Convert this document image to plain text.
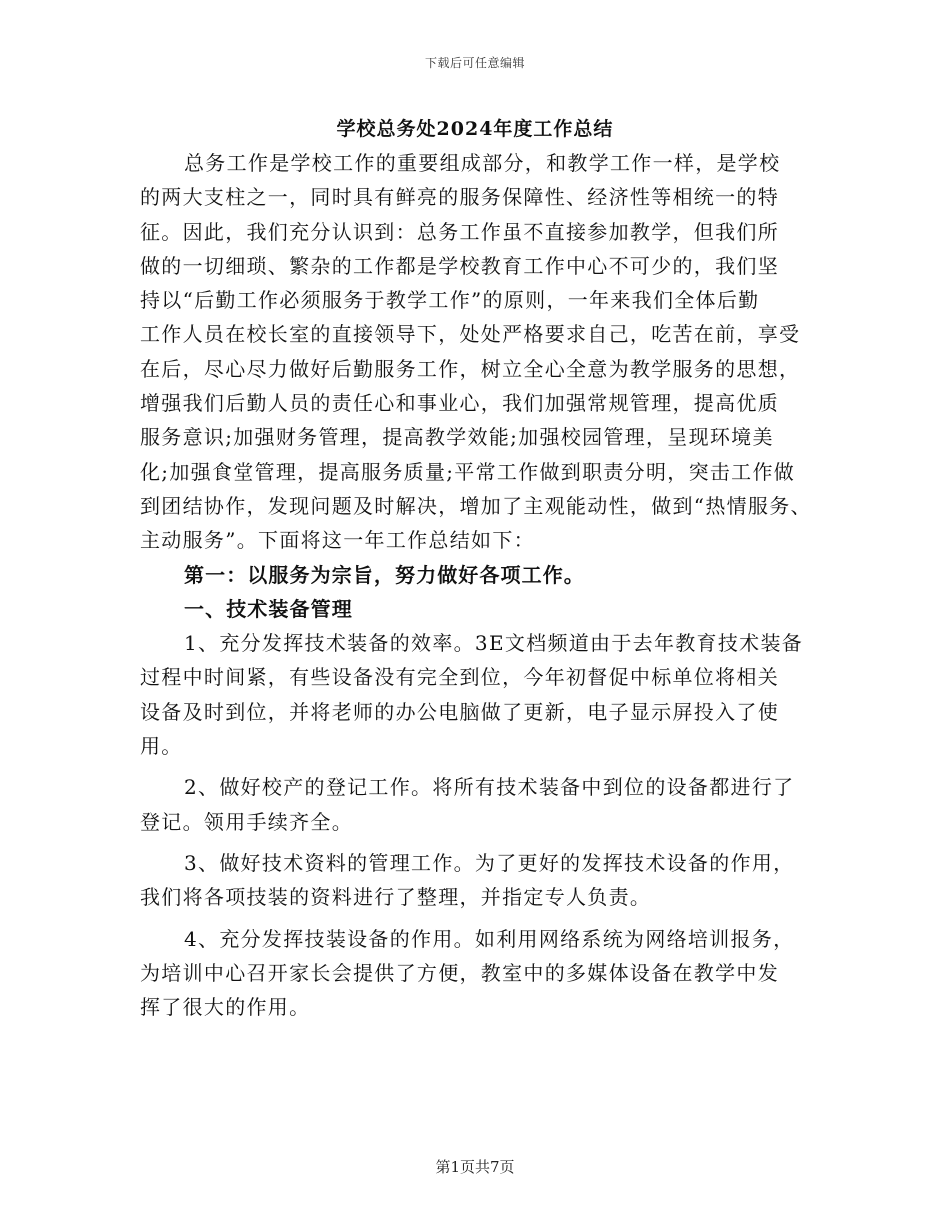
下载后可任意编辑
学校总务处2024年度工作总结
总务工作是学校工作的重要组成部分，和教学工作一样，是学校
的两大支柱之一，同时具有鲜亮的服务保障性、经济性等相统一的特
征。因此，我们充分认识到：总务工作虽不直接参加教学，但我们所
做的一切细琐、繁杂的工作都是学校教育工作中心不可少的，我们坚
持以“后勤工作必须服务于教学工作”的原则，一年来我们全体后勤
工作人员在校长室的直接领导下，处处严格要求自己，吃苦在前，享受
在后，尽心尽力做好后勤服务工作，树立全心全意为教学服务的思想，
增强我们后勤人员的责任心和事业心，我们加强常规管理，提高优质
服务意识;加强财务管理，提高教学效能;加强校园管理，呈现环境美
化;加强食堂管理，提高服务质量;平常工作做到职责分明，突击工作做
到团结协作，发现问题及时解决，增加了主观能动性，做到“热情服务、
主动服务”。下面将这一年工作总结如下：
第一：以服务为宗旨，努力做好各项工作。
一、技术装备管理
1、充分发挥技术装备的效率。3E文档频道由于去年教育技术装备
过程中时间紧，有些设备没有完全到位，今年初督促中标单位将相关
设备及时到位，并将老师的办公电脑做了更新，电子显示屏投入了使
用。
2、做好校产的登记工作。将所有技术装备中到位的设备都进行了
登记。领用手续齐全。
3、做好技术资料的管理工作。为了更好的发挥技术设备的作用，
我们将各项技装的资料进行了整理，并指定专人负责。
4、充分发挥技装设备的作用。如利用网络系统为网络培训报务，
为培训中心召开家长会提供了方便，教室中的多媒体设备在教学中发
挥了很大的作用。
第1页共7页
